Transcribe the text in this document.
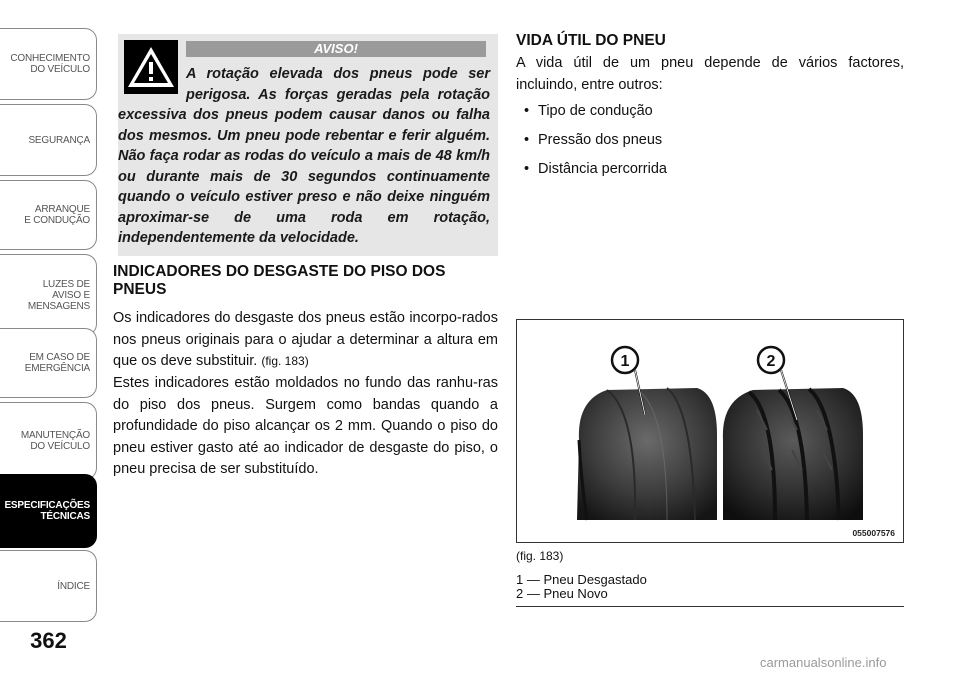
CONHECIMENTO
DO VEÍCULO
SEGURANÇA
ARRANQUE
E CONDUÇÃO
LUZES DE
AVISO E
MENSAGENS
EM CASO DE
EMERGÊNCIA
MANUTENÇÃO
DO VEÍCULO
ESPECIFICAÇÕES
TÉCNICAS
ÍNDICE
362
AVISO!
A rotação elevada dos pneus pode ser perigosa. As forças geradas pela rotação excessiva dos pneus podem causar danos ou falha dos mesmos. Um pneu pode rebentar e ferir alguém. Não faça rodar as rodas do veículo a mais de 48 km/h ou durante mais de 30 segundos continuamente quando o veículo estiver preso e não deixe ninguém aproximar-se de uma roda em rotação, independentemente da velocidade.
INDICADORES DO DESGASTE DO PISO DOS PNEUS
Os indicadores do desgaste dos pneus estão incorpo-rados nos pneus originais para o ajudar a determinar a altura em que os deve substituir. (fig. 183)
Estes indicadores estão moldados no fundo das ranhu-ras do piso dos pneus. Surgem como bandas quando a profundidade do piso alcançar os 2 mm. Quando o piso do pneu estiver gasto até ao indicador de desgaste do piso, o pneu precisa de ser substituído.
VIDA ÚTIL DO PNEU
A vida útil de um pneu depende de vários factores, incluindo, entre outros:
• Tipo de condução
• Pressão dos pneus
• Distância percorrida
1	2
055007576
(fig. 183)
1 — Pneu Desgastado
2 — Pneu Novo
carmanualsonline.info
